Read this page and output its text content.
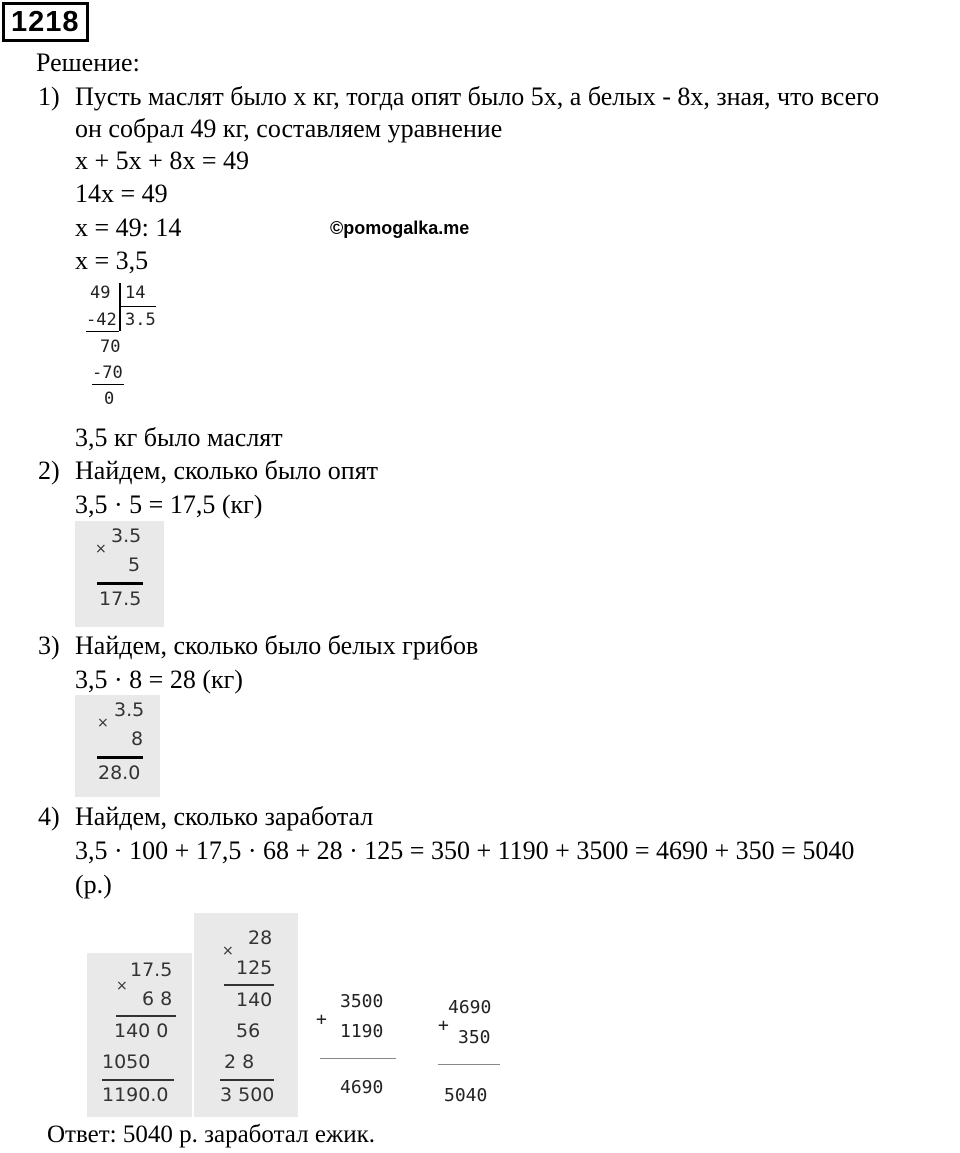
1218
Решение:
1) Пусть маслят было x кг, тогда опят было 5x, а белых - 8x, зная, что всего
он собрал 49 кг, составляем уравнение
x + 5x + 8x = 49
14x = 49
x = 49: 14	©pomogalka.me
x = 3,5
49 14
-42 3.5
70
-70
0
3,5 кг было маслят
2) Найдем, сколько было опят
3,5 · 5 = 17,5 (кг)
×
3.5
5
17.5
3) Найдем, сколько было белых грибов
3,5 · 8 = 28 (кг)
×
3.5
8
28.0
4) Найдем, сколько заработал
3,5 · 100 + 17,5 · 68 + 28 · 125 = 350 + 1190 + 3500 = 4690 + 350 = 5040
(р.)
×
17.5
6 8
140 0
1050
1190.0
×
28
125
140
56
2 8
3 500
+
3500
1190
4690
+
4690
350
5040
Ответ: 5040 р. заработал ежик.
